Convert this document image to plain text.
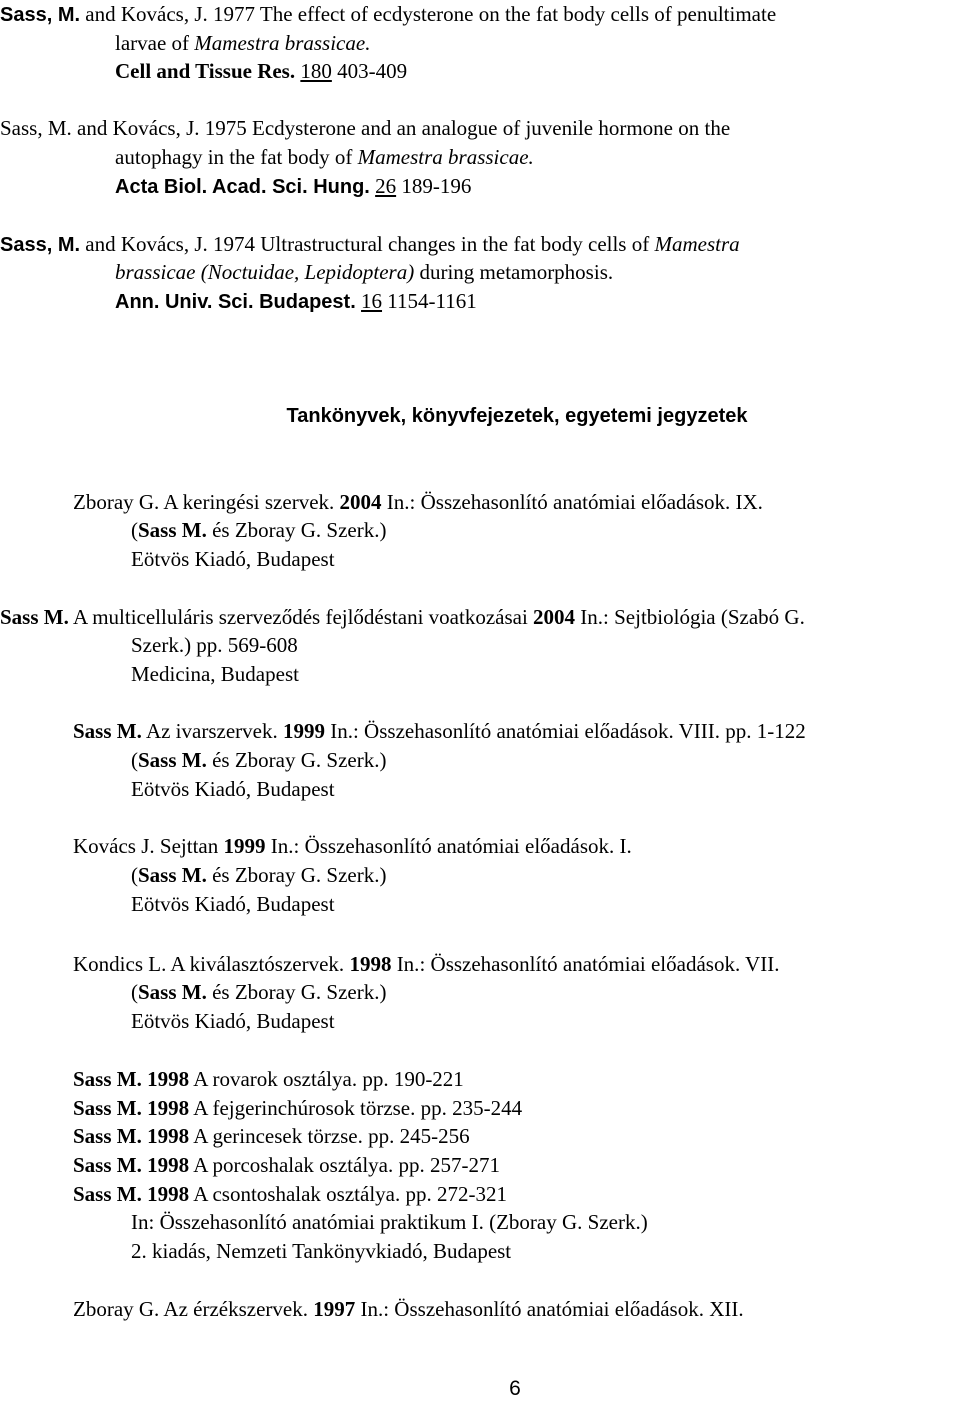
Sass, M. and Kovács, J. 1977 The effect of ecdysterone on the fat body cells of penultimate
larvae of Mamestra brassicae.
Cell and Tissue Res. 180 403-409
Sass, M. and Kovács, J. 1975 Ecdysterone and an analogue of juvenile hormone on the
autophagy in the fat body of Mamestra brassicae.
Acta Biol. Acad. Sci. Hung. 26 189-196
Sass, M. and Kovács, J. 1974 Ultrastructural changes in the fat body cells of Mamestra
brassicae (Noctuidae, Lepidoptera) during metamorphosis.
Ann. Univ. Sci. Budapest. 16 1154-1161
Tankönyvek, könyvfejezetek, egyetemi jegyzetek
Zboray G. A keringési szervek. 2004 In.: Összehasonlító anatómiai előadások. IX.
(Sass M. és Zboray G. Szerk.)
Eötvös Kiadó, Budapest
Sass M. A multicelluláris szerveződés fejlődéstani voatkozásai 2004 In.: Sejtbiológia (Szabó G.
Szerk.) pp. 569-608
Medicina, Budapest
Sass M. Az ivarszervek. 1999 In.: Összehasonlító anatómiai előadások. VIII. pp. 1-122
(Sass M. és Zboray G. Szerk.)
Eötvös Kiadó, Budapest
Kovács J. Sejttan 1999 In.: Összehasonlító anatómiai előadások. I.
(Sass M. és Zboray G. Szerk.)
Eötvös Kiadó, Budapest
Kondics L. A kiválasztószervek. 1998 In.: Összehasonlító anatómiai előadások. VII.
(Sass M. és Zboray G. Szerk.)
Eötvös Kiadó, Budapest
Sass M. 1998 A rovarok osztálya. pp. 190-221
Sass M. 1998 A fejgerinchúrosok törzse. pp. 235-244
Sass M. 1998 A gerincesek törzse. pp. 245-256
Sass M. 1998 A porcoshalak osztálya. pp. 257-271
Sass M. 1998 A csontoshalak osztálya. pp. 272-321
In: Összehasonlító anatómiai praktikum I. (Zboray G. Szerk.)
2. kiadás, Nemzeti Tankönyvkiadó, Budapest
Zboray G. Az érzékszervek. 1997 In.: Összehasonlító anatómiai előadások. XII.
6
